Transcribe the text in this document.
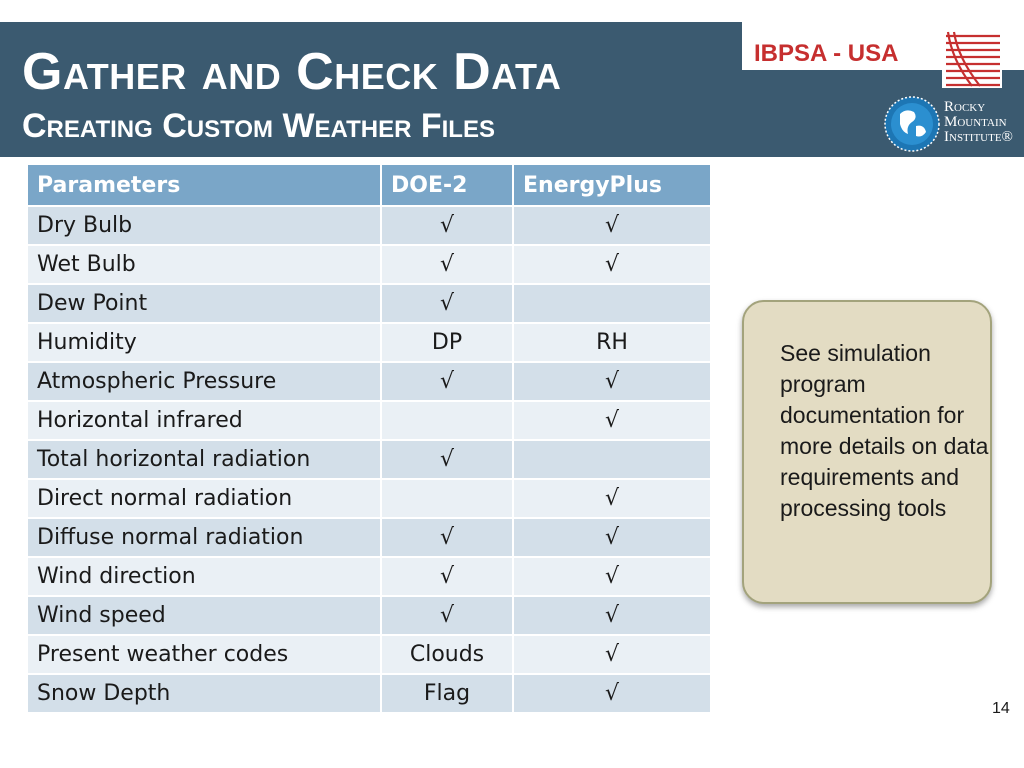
Gather and Check Data
Creating Custom Weather Files
IBPSA - USA
Rocky
Mountain
Institute®
Parameters	DOE-2	EnergyPlus
Dry Bulb	√	√
Wet Bulb	√	√
Dew Point	√	
Humidity	DP	RH
Atmospheric Pressure	√	√
Horizontal infrared		√
Total horizontal radiation	√	
Direct normal radiation		√
Diffuse normal radiation	√	√
Wind direction	√	√
Wind speed	√	√
Present weather codes	Clouds	√
Snow Depth	Flag	√
See simulation program documentation for more details on data requirements and processing tools
14
